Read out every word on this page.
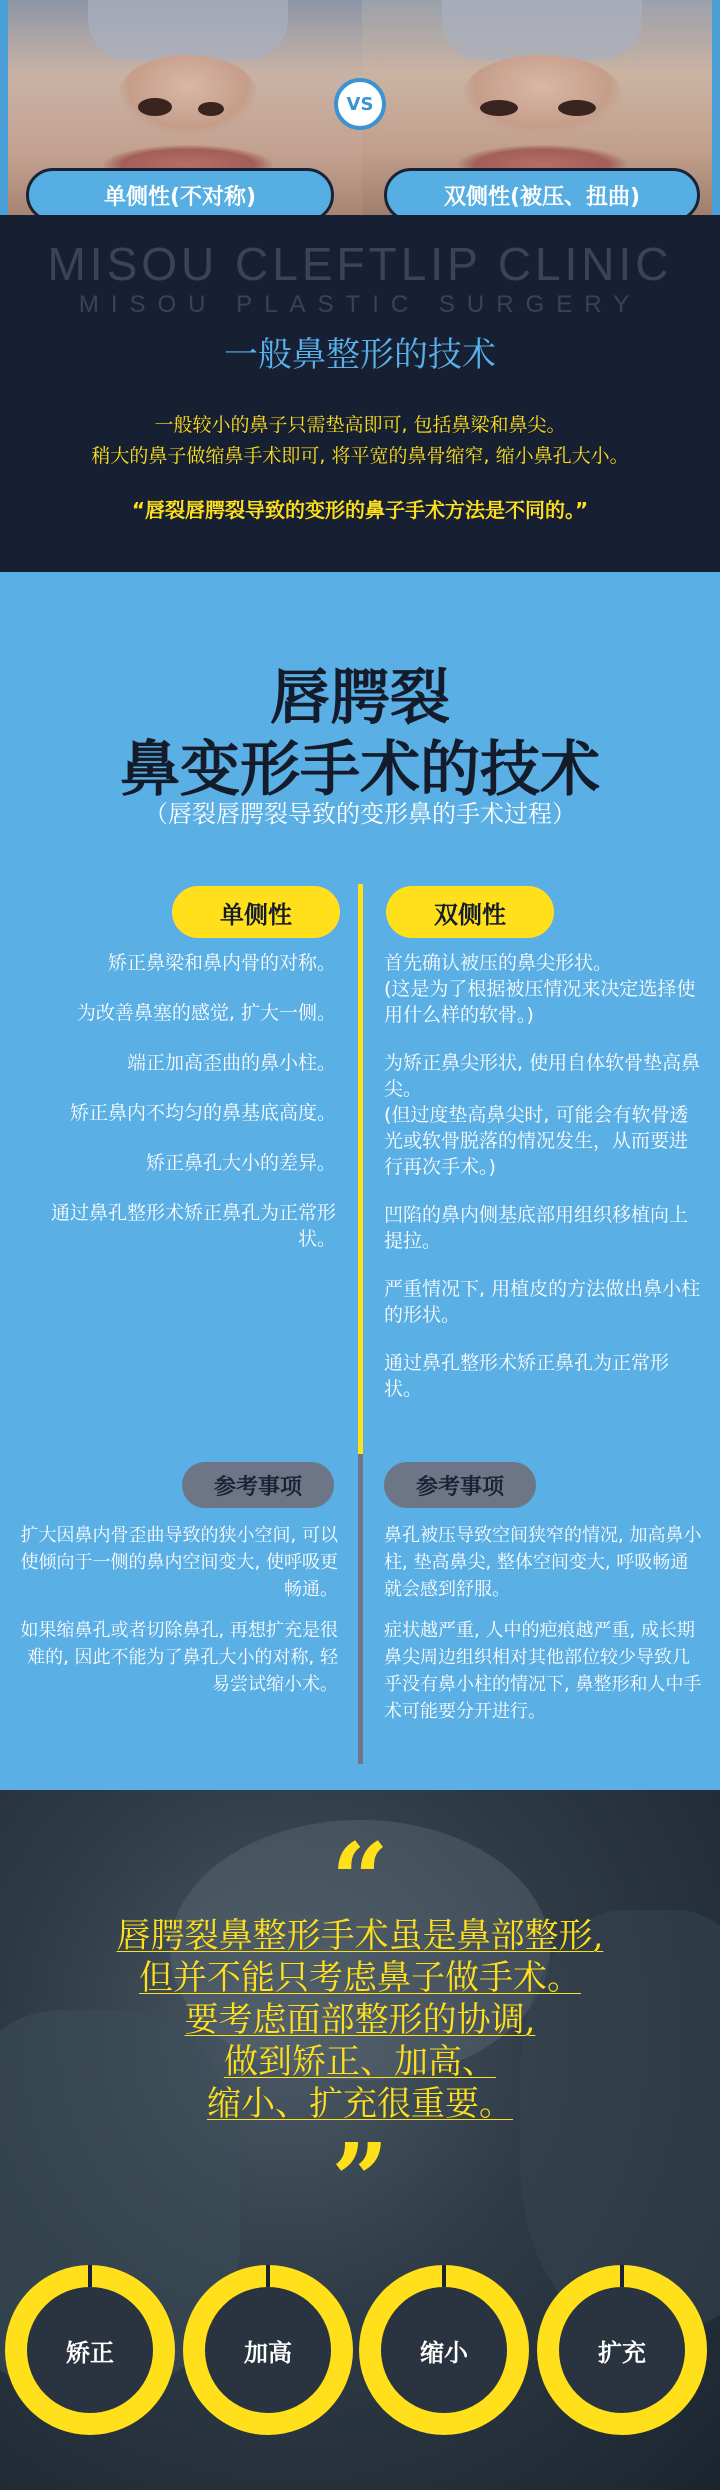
VS
单侧性(不对称)	双侧性(被压、扭曲)
MISOU CLEFTLIP CLINIC
MISOU PLASTIC SURGERY
一般鼻整形的技术
一般较小的鼻子只需垫高即可, 包括鼻梁和鼻尖。
稍大的鼻子做缩鼻手术即可, 将平宽的鼻骨缩窄, 缩小鼻孔大小。
“唇裂唇腭裂导致的变形的鼻子手术方法是不同的。”
唇腭裂
鼻变形手术的技术
（唇裂唇腭裂导致的变形鼻的手术过程）
单侧性	双侧性

矫正鼻梁和鼻内骨的对称。

为改善鼻塞的感觉, 扩大一侧。

端正加高歪曲的鼻小柱。

矫正鼻内不均匀的鼻基底高度。

矫正鼻孔大小的差异。

通过鼻孔整形术矫正鼻孔为正常形状。

首先确认被压的鼻尖形状。
(这是为了根据被压情况来决定选择使用什么样的软骨。)

为矫正鼻尖形状, 使用自体软骨垫高鼻尖。
(但过度垫高鼻尖时, 可能会有软骨透光或软骨脱落的情况发生，从而要进行再次手术。)

凹陷的鼻内侧基底部用组织移植向上提拉。

严重情况下, 用植皮的方法做出鼻小柱的形状。

通过鼻孔整形术矫正鼻孔为正常形状。

参考事项	参考事项

扩大因鼻内骨歪曲导致的狭小空间, 可以使倾向于一侧的鼻内空间变大, 使呼吸更畅通。

如果缩鼻孔或者切除鼻孔, 再想扩充是很难的, 因此不能为了鼻孔大小的对称, 轻易尝试缩小术。

鼻孔被压导致空间狭窄的情况, 加高鼻小柱, 垫高鼻尖, 整体空间变大, 呼吸畅通就会感到舒服。

症状越严重, 人中的疤痕越严重, 成长期鼻尖周边组织相对其他部位较少导致几乎没有鼻小柱的情况下, 鼻整形和人中手术可能要分开进行。

“
唇腭裂鼻整形手术虽是鼻部整形,
但并不能只考虑鼻子做手术。
要考虑面部整形的协调,
做到矫正、加高、
缩小、扩充很重要。
”
矫正	加高	缩小	扩充
